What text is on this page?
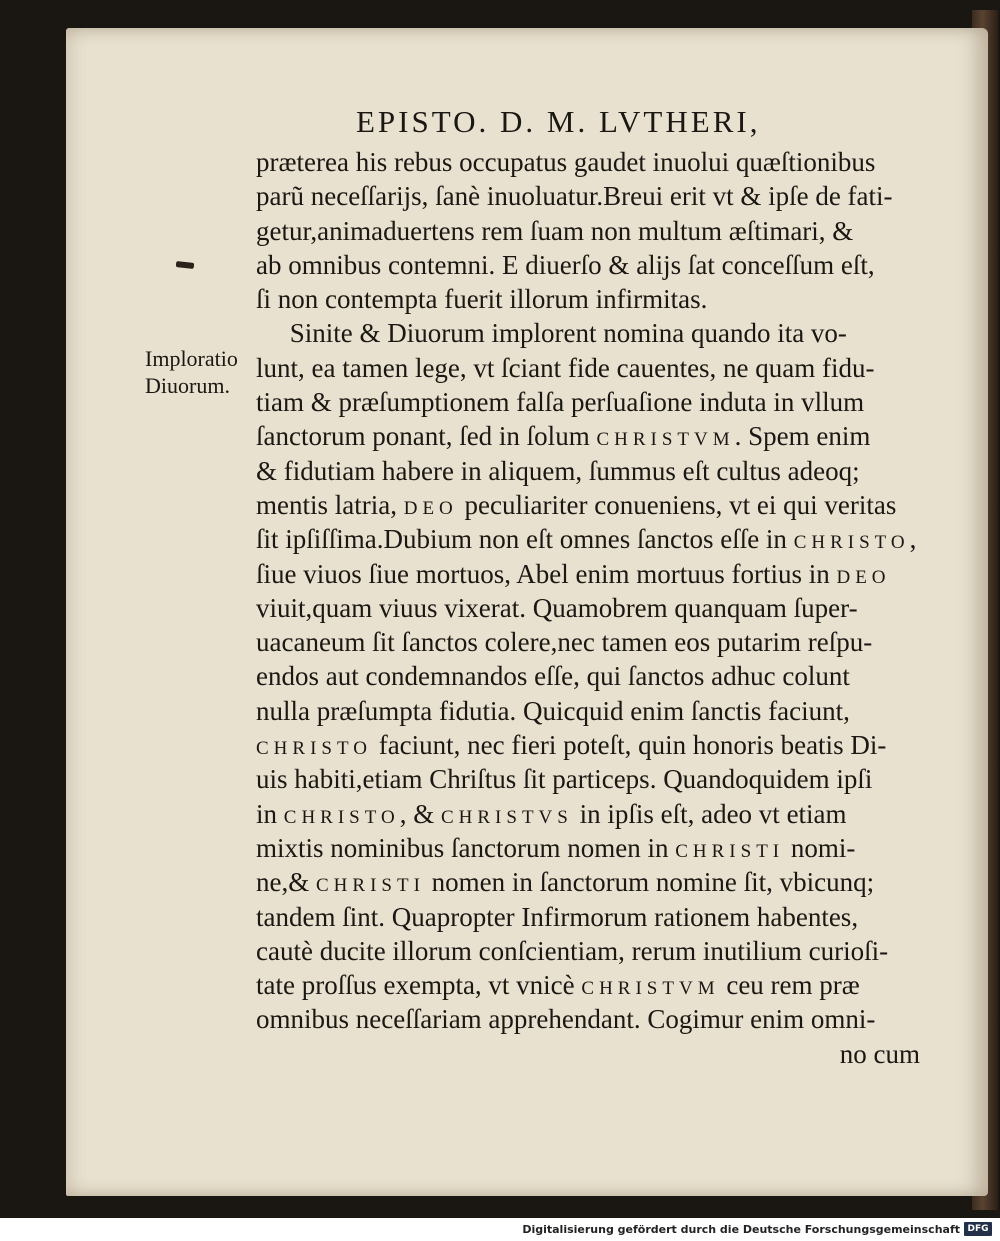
EPISTO. D. M. LVTHERI,
Imploratio
Diuorum.
præterea his rebus occupatus gaudet inuolui quæſtionibus
parũ neceſſarijs, ſanè inuoluatur.Breui erit vt & ipſe de fati-
getur,animaduertens rem ſuam non multum æſtimari, &
ab omnibus contemni. E diuerſo & alijs ſat conceſſum eſt,
ſi non contempta fuerit illorum infirmitas.
Sinite & Diuorum implorent nomina quando ita vo-
lunt, ea tamen lege, vt ſciant fide cauentes, ne quam fidu-
tiam & præſumptionem falſa perſuaſione induta in vllum
ſanctorum ponant, ſed in ſolum CHRISTVM. Spem enim
& fidutiam habere in aliquem, ſummus eſt cultus adeoq;
mentis latria, DEO peculiariter conueniens, vt ei qui veritas
ſit ipſiſſima.Dubium non eſt omnes ſanctos eſſe in CHRISTO,
ſiue viuos ſiue mortuos, Abel enim mortuus fortius in DEO
viuit,quam viuus vixerat. Quamobrem quanquam ſuper-
uacaneum ſit ſanctos colere,nec tamen eos putarim reſpu-
endos aut condemnandos eſſe, qui ſanctos adhuc colunt
nulla præſumpta fidutia. Quicquid enim ſanctis faciunt,
CHRISTO faciunt, nec fieri poteſt, quin honoris beatis Di-
uis habiti,etiam Chriſtus ſit particeps. Quandoquidem ipſi
in CHRISTO, & CHRISTVS in ipſis eſt, adeo vt etiam
mixtis nominibus ſanctorum nomen in CHRISTI nomi-
ne,& CHRISTI nomen in ſanctorum nomine ſit, vbicunq;
tandem ſint. Quapropter Infirmorum rationem habentes,
cautè ducite illorum conſcientiam, rerum inutilium curioſi-
tate proſſus exempta, vt vnicè CHRISTVM ceu rem præ
omnibus neceſſariam apprehendant. Cogimur enim omni-
no cum
Digitalisierung gefördert durch die Deutsche Forschungsgemeinschaft DFG
